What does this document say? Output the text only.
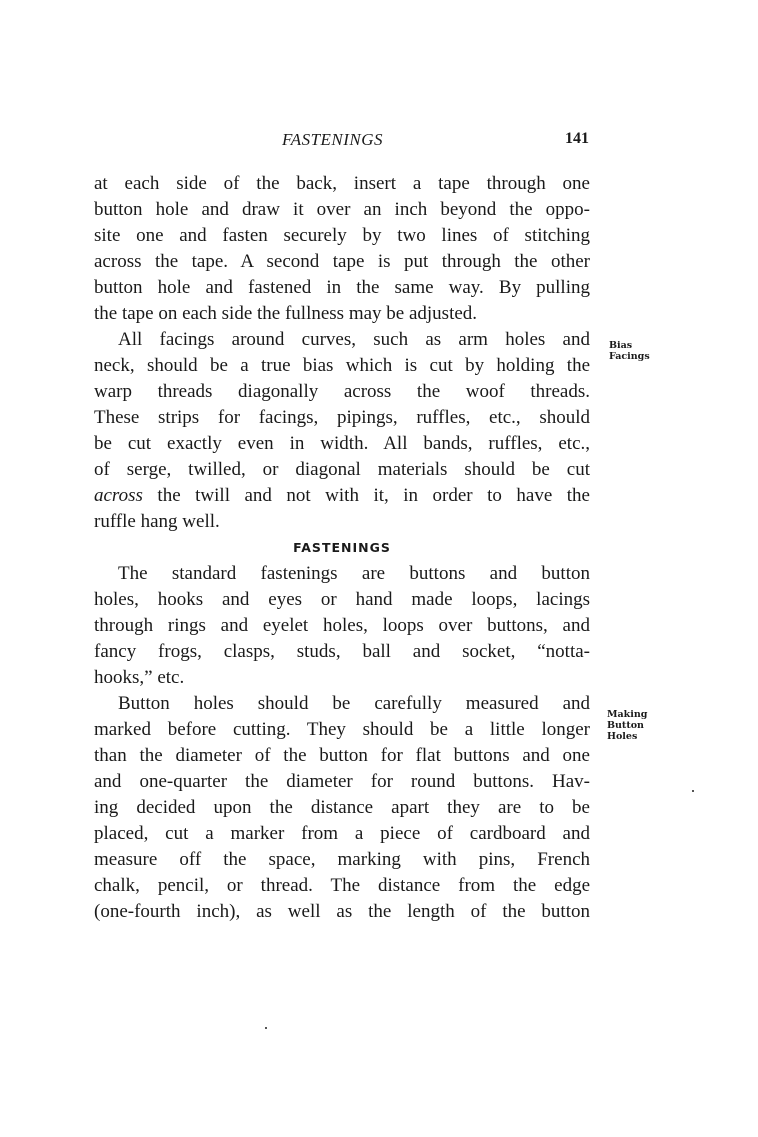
FASTENINGS	141
at each side of the back, insert a tape through one
button hole and draw it over an inch beyond the oppo-
site one and fasten securely by two lines of stitching
across the tape. A second tape is put through the other
button hole and fastened in the same way. By pulling
the tape on each side the fullness may be adjusted.
All facings around curves, such as arm holes and
neck, should be a true bias which is cut by holding the
warp threads diagonally across the woof threads.
These strips for facings, pipings, ruffles, etc., should
be cut exactly even in width. All bands, ruffles, etc.,
of serge, twilled, or diagonal materials should be cut
across the twill and not with it, in order to have the
ruffle hang well.
FASTENINGS
The standard fastenings are buttons and button
holes, hooks and eyes or hand made loops, lacings
through rings and eyelet holes, loops over buttons, and
fancy frogs, clasps, studs, ball and socket, “notta-
hooks,” etc.
Button holes should be carefully measured and
marked before cutting. They should be a little longer
than the diameter of the button for flat buttons and one
and one-quarter the diameter for round buttons. Hav-
ing decided upon the distance apart they are to be
placed, cut a marker from a piece of cardboard and
measure off the space, marking with pins, French
chalk, pencil, or thread. The distance from the edge
(one-fourth inch), as well as the length of the button
Bias
Facings
Making
Button
Holes
